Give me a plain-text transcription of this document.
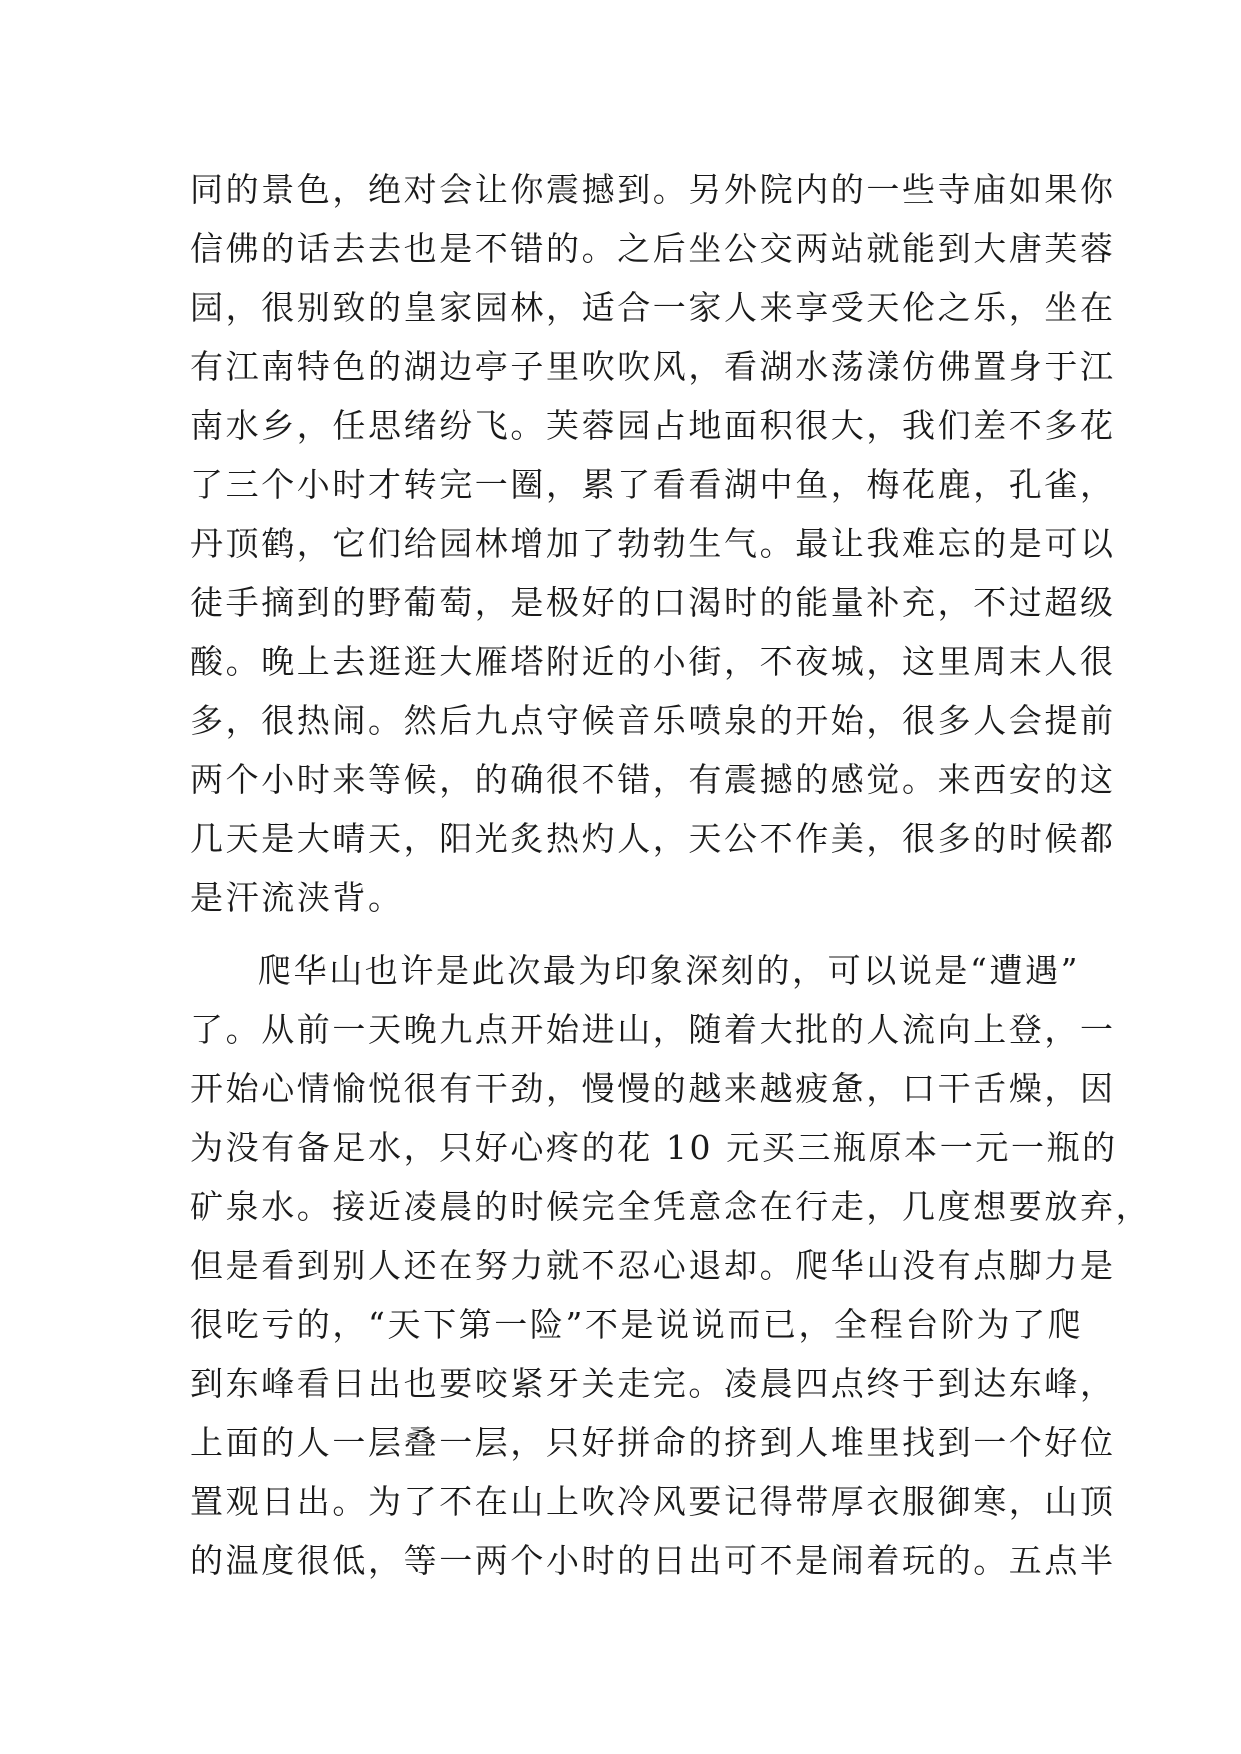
同的景色，绝对会让你震撼到。另外院内的一些寺庙如果你
信佛的话去去也是不错的。之后坐公交两站就能到大唐芙蓉
园，很别致的皇家园林，适合一家人来享受天伦之乐，坐在
有江南特色的湖边亭子里吹吹风，看湖水荡漾仿佛置身于江
南水乡，任思绪纷飞。芙蓉园占地面积很大，我们差不多花
了三个小时才转完一圈，累了看看湖中鱼，梅花鹿，孔雀，
丹顶鹤，它们给园林增加了勃勃生气。最让我难忘的是可以
徒手摘到的野葡萄，是极好的口渴时的能量补充，不过超级
酸。晚上去逛逛大雁塔附近的小街，不夜城，这里周末人很
多，很热闹。然后九点守候音乐喷泉的开始，很多人会提前
两个小时来等候，的确很不错，有震撼的感觉。来西安的这
几天是大晴天，阳光炙热灼人，天公不作美，很多的时候都
是汗流浃背。
爬华山也许是此次最为印象深刻的，可以说是“遭遇”
了。从前一天晚九点开始进山，随着大批的人流向上登，一
开始心情愉悦很有干劲，慢慢的越来越疲惫，口干舌燥，因
为没有备足水，只好心疼的花 10 元买三瓶原本一元一瓶的
矿泉水。接近凌晨的时候完全凭意念在行走，几度想要放弃，
但是看到别人还在努力就不忍心退却。爬华山没有点脚力是
很吃亏的，“天下第一险”不是说说而已，全程台阶为了爬
到东峰看日出也要咬紧牙关走完。凌晨四点终于到达东峰，
上面的人一层叠一层，只好拼命的挤到人堆里找到一个好位
置观日出。为了不在山上吹冷风要记得带厚衣服御寒，山顶
的温度很低，等一两个小时的日出可不是闹着玩的。五点半
